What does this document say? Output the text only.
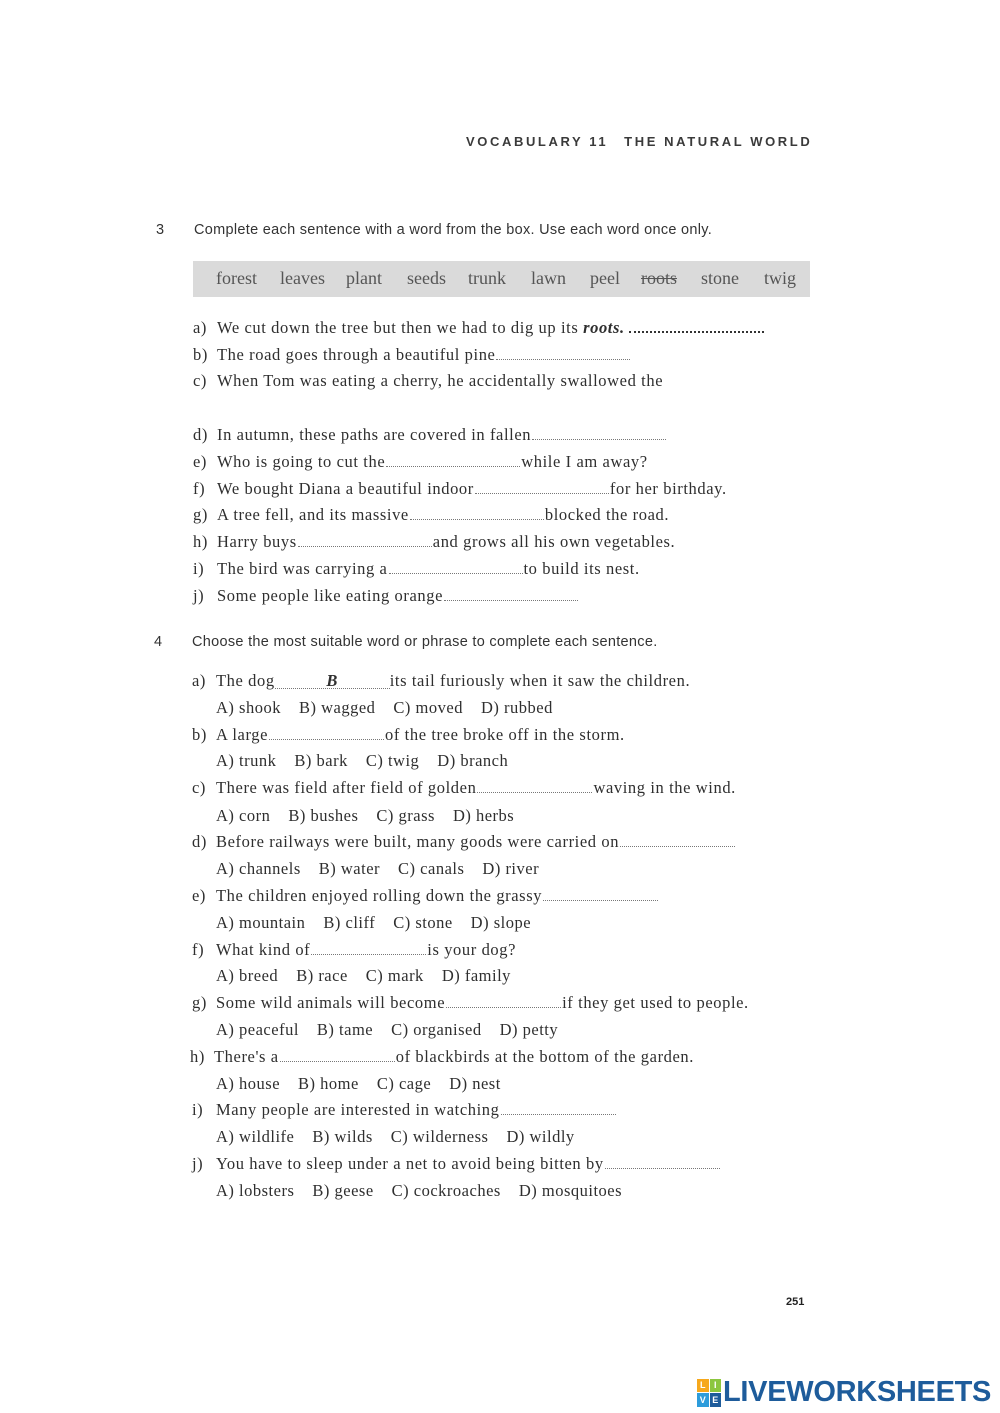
VOCABULARY 11 THE NATURAL WORLD
3 Complete each sentence with a word from the box. Use each word once only.
forest leaves plant seeds trunk lawn peel roots stone twig
a) We cut down the tree but then we had to dig up its roots.
b) The road goes through a beautiful pine
c) When Tom was eating a cherry, he accidentally swallowed the
d) In autumn, these paths are covered in fallen
e) Who is going to cut the	while I am away?
f) We bought Diana a beautiful indoor	for her birthday.
g) A tree fell, and its massive	blocked the road.
h) Harry buys	and grows all his own vegetables.
i) The bird was carrying a	to build its nest.
j) Some people like eating orange
4 Choose the most suitable word or phrase to complete each sentence.
a) The dog	B	its tail furiously when it saw the children.
A) shook B) wagged C) moved D) rubbed
b) A large	of the tree broke off in the storm.
A) trunk B) bark C) twig D) branch
c) There was field after field of golden	waving in the wind.
A) corn B) bushes C) grass D) herbs
d) Before railways were built, many goods were carried on
A) channels B) water C) canals D) river
e) The children enjoyed rolling down the grassy
A) mountain B) cliff C) stone D) slope
f) What kind of	is your dog?
A) breed B) race C) mark D) family
g) Some wild animals will become	if they get used to people.
A) peaceful B) tame C) organised D) petty
h) There's a	of blackbirds at the bottom of the garden.
A) house B) home C) cage D) nest
i) Many people are interested in watching
A) wildlife B) wilds C) wilderness D) wildly
j) You have to sleep under a net to avoid being bitten by
A) lobsters B) geese C) cockroaches D) mosquitoes
251
L I
V E LIVEWORKSHEETS
